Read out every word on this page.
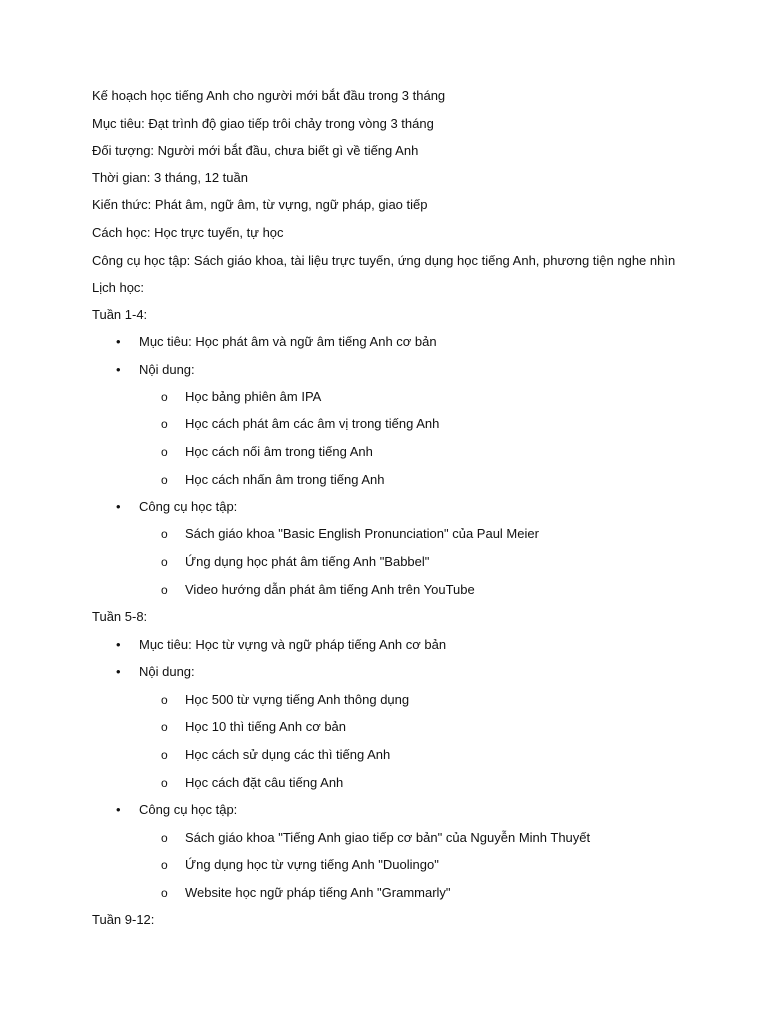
Kế hoạch học tiếng Anh cho người mới bắt đầu trong 3 tháng
Mục tiêu: Đạt trình độ giao tiếp trôi chảy trong vòng 3 tháng
Đối tượng: Người mới bắt đầu, chưa biết gì về tiếng Anh
Thời gian: 3 tháng, 12 tuần
Kiến thức: Phát âm, ngữ âm, từ vựng, ngữ pháp, giao tiếp
Cách học: Học trực tuyến, tự học
Công cụ học tập: Sách giáo khoa, tài liệu trực tuyến, ứng dụng học tiếng Anh, phương tiện nghe nhìn
Lịch học:
Tuần 1-4:
• Mục tiêu: Học phát âm và ngữ âm tiếng Anh cơ bản
• Nội dung:
o Học bảng phiên âm IPA
o Học cách phát âm các âm vị trong tiếng Anh
o Học cách nối âm trong tiếng Anh
o Học cách nhấn âm trong tiếng Anh
• Công cụ học tập:
o Sách giáo khoa "Basic English Pronunciation" của Paul Meier
o Ứng dụng học phát âm tiếng Anh "Babbel"
o Video hướng dẫn phát âm tiếng Anh trên YouTube
Tuần 5-8:
• Mục tiêu: Học từ vựng và ngữ pháp tiếng Anh cơ bản
• Nội dung:
o Học 500 từ vựng tiếng Anh thông dụng
o Học 10 thì tiếng Anh cơ bản
o Học cách sử dụng các thì tiếng Anh
o Học cách đặt câu tiếng Anh
• Công cụ học tập:
o Sách giáo khoa "Tiếng Anh giao tiếp cơ bản" của Nguyễn Minh Thuyết
o Ứng dụng học từ vựng tiếng Anh "Duolingo"
o Website học ngữ pháp tiếng Anh "Grammarly"
Tuần 9-12:
